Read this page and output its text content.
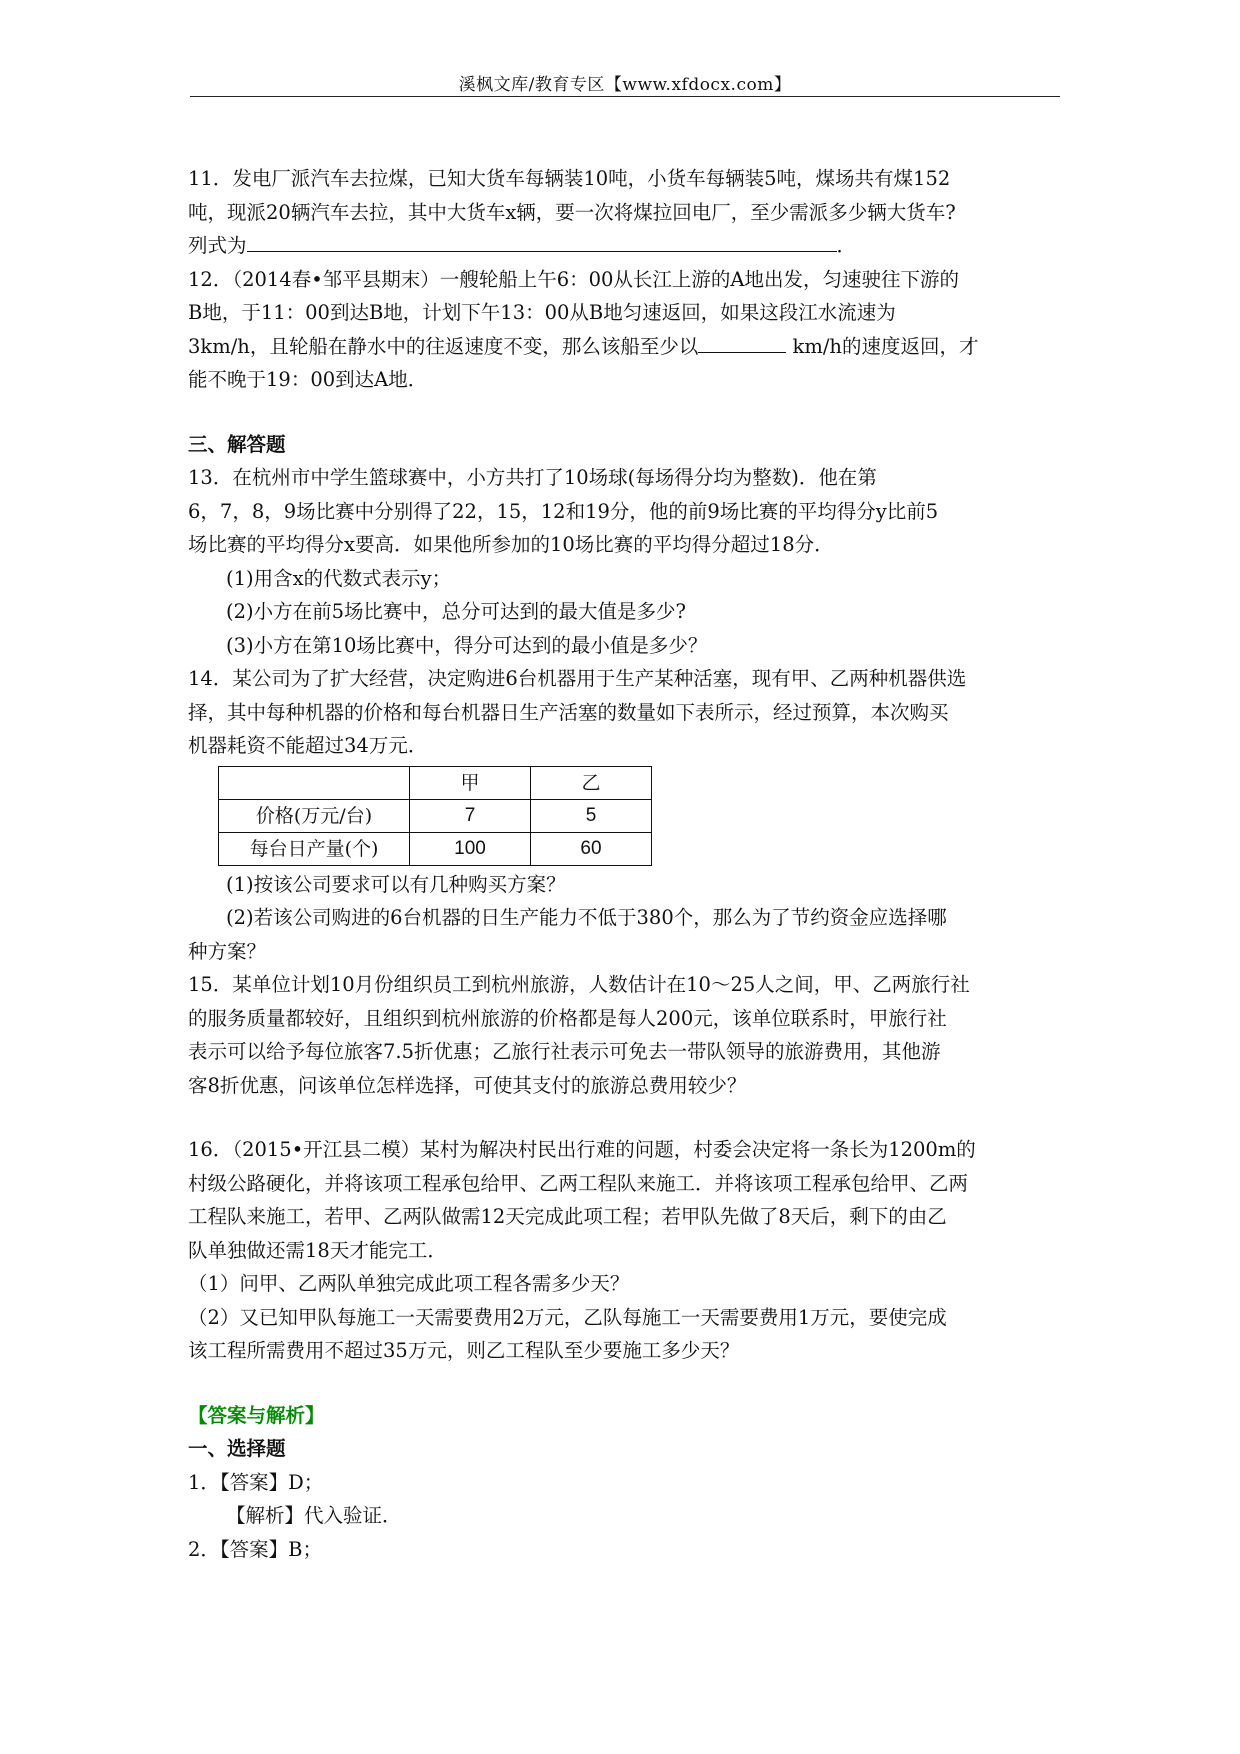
溪枫文库/教育专区【www.xfdocx.com】

11．发电厂派汽车去拉煤，已知大货车每辆装10吨，小货车每辆装5吨，煤场共有煤152

吨，现派20辆汽车去拉，其中大货车x辆，要一次将煤拉回电厂，至少需派多少辆大货车?

列式为	．

12．（2014春•邹平县期末）一艘轮船上午6：00从长江上游的A地出发，匀速驶往下游的

B地，于11：00到达B地，计划下午13：00从B地匀速返回，如果这段江水流速为

3km/h，且轮船在静水中的往返速度不变，那么该船至少以	km/h的速度返回，才

能不晚于19：00到达A地．

三、解答题

13．在杭州市中学生篮球赛中，小方共打了10场球(每场得分均为整数)．他在第

6，7，8，9场比赛中分别得了22，15，12和19分，他的前9场比赛的平均得分y比前5

场比赛的平均得分x要高．如果他所参加的10场比赛的平均得分超过18分．

(1)用含x的代数式表示y；

(2)小方在前5场比赛中，总分可达到的最大值是多少?

(3)小方在第10场比赛中，得分可达到的最小值是多少？

14．某公司为了扩大经营，决定购进6台机器用于生产某种活塞，现有甲、乙两种机器供选

择，其中每种机器的价格和每台机器日生产活塞的数量如下表所示，经过预算，本次购买

机器耗资不能超过34万元．

	甲	乙
价格(万元/台)	7	5
每台日产量(个)	100	60

(1)按该公司要求可以有几种购买方案？

(2)若该公司购进的6台机器的日生产能力不低于380个，那么为了节约资金应选择哪

种方案？

15．某单位计划10月份组织员工到杭州旅游，人数估计在10～25人之间，甲、乙两旅行社

的服务质量都较好，且组织到杭州旅游的价格都是每人200元，该单位联系时，甲旅行社

表示可以给予每位旅客7.5折优惠；乙旅行社表示可免去一带队领导的旅游费用，其他游

客8折优惠，问该单位怎样选择，可使其支付的旅游总费用较少？

16．（2015•开江县二模）某村为解决村民出行难的问题，村委会决定将一条长为1200m的

村级公路硬化，并将该项工程承包给甲、乙两工程队来施工．并将该项工程承包给甲、乙两

工程队来施工，若甲、乙两队做需12天完成此项工程；若甲队先做了8天后，剩下的由乙

队单独做还需18天才能完工．

（1）问甲、乙两队单独完成此项工程各需多少天？

（2）又已知甲队每施工一天需要费用2万元，乙队每施工一天需要费用1万元，要使完成

该工程所需费用不超过35万元，则乙工程队至少要施工多少天？

【答案与解析】

一、选择题

1．【答案】D；

【解析】代入验证．

2．【答案】B；
